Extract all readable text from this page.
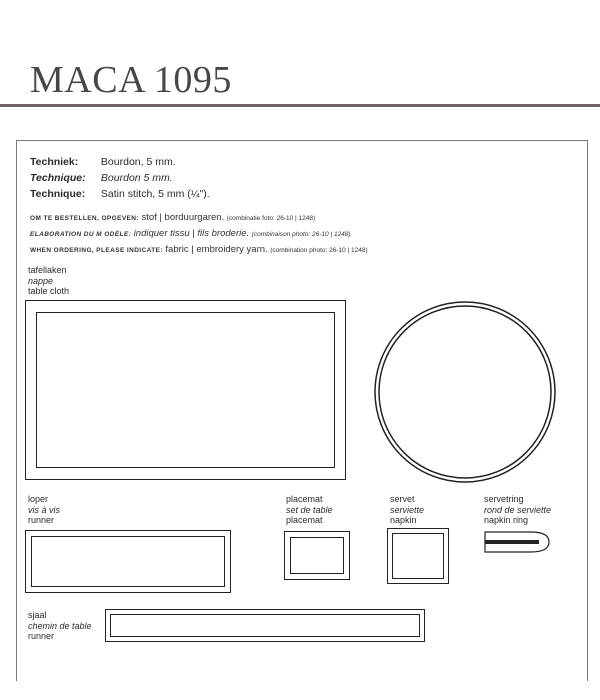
MACA 1095
Techniek: Bourdon, 5 mm.
Technique: Bourdon 5 mm.
Technique: Satin stitch, 5 mm (¼").
OM TE BESTELLEN, OPGEVEN: stof | borduurgaren. (combinatie foto: 26-10 | 1248)
ELABORATION DU M ODÈLE: indiquer tissu | fils broderie. (combinaison photo: 26-10 | 1248)
WHEN ORDERING, PLEASE INDICATE: fabric | embroidery yarn. (combination photo: 26-10 | 1248)
tafellaken
nappe
table cloth
loper
vis à vis
runner
placemat
set de table
placemat
servet
serviette
napkin
servetring
rond de serviette
napkin ring
sjaal
chemin de table
runner
